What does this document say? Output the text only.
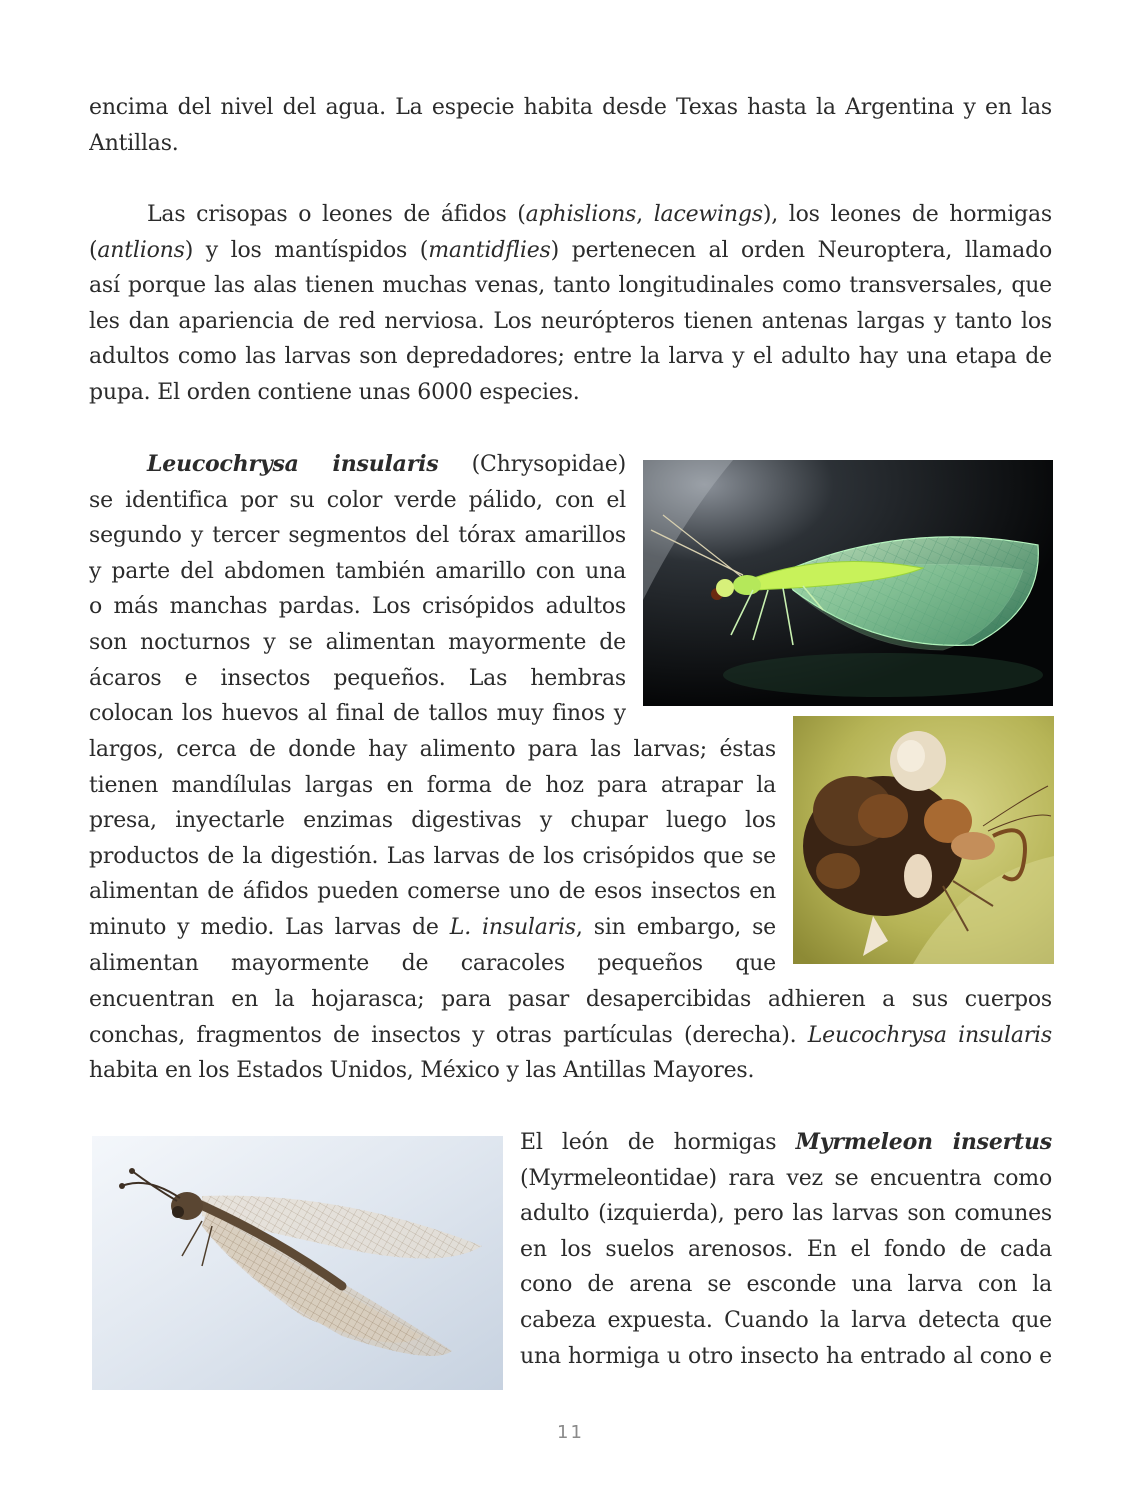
encima del nivel del agua. La especie habita desde Texas hasta la Argentina y en las
Antillas.
Las crisopas o leones de áfidos (aphislions, lacewings), los leones de hormigas
(antlions) y los mantíspidos (mantidflies) pertenecen al orden Neuroptera, llamado
así porque las alas tienen muchas venas, tanto longitudinales como transversales, que
les dan apariencia de red nerviosa. Los neurópteros tienen antenas largas y tanto los
adultos como las larvas son depredadores; entre la larva y el adulto hay una etapa de
pupa. El orden contiene unas 6000 especies.
Leucochrysa insularis (Chrysopidae)
se identifica por su color verde pálido, con el
segundo y tercer segmentos del tórax amarillos
y parte del abdomen también amarillo con una
o más manchas pardas. Los crisópidos adultos
son nocturnos y se alimentan mayormente de
ácaros e insectos pequeños. Las hembras
colocan los huevos al final de tallos muy finos y
largos, cerca de donde hay alimento para las larvas; éstas
tienen mandílulas largas en forma de hoz para atrapar la
presa, inyectarle enzimas digestivas y chupar luego los
productos de la digestión. Las larvas de los crisópidos que se
alimentan de áfidos pueden comerse uno de esos insectos en
minuto y medio. Las larvas de L. insularis, sin embargo, se
alimentan mayormente de caracoles pequeños que
encuentran en la hojarasca; para pasar desapercibidas adhieren a sus cuerpos
conchas, fragmentos de insectos y otras partículas (derecha). Leucochrysa insularis
habita en los Estados Unidos, México y las Antillas Mayores.
El león de hormigas Myrmeleon insertus
(Myrmeleontidae) rara vez se encuentra como
adulto (izquierda), pero las larvas son comunes
en los suelos arenosos. En el fondo de cada
cono de arena se esconde una larva con la
cabeza expuesta. Cuando la larva detecta que
una hormiga u otro insecto ha entrado al cono e
11
